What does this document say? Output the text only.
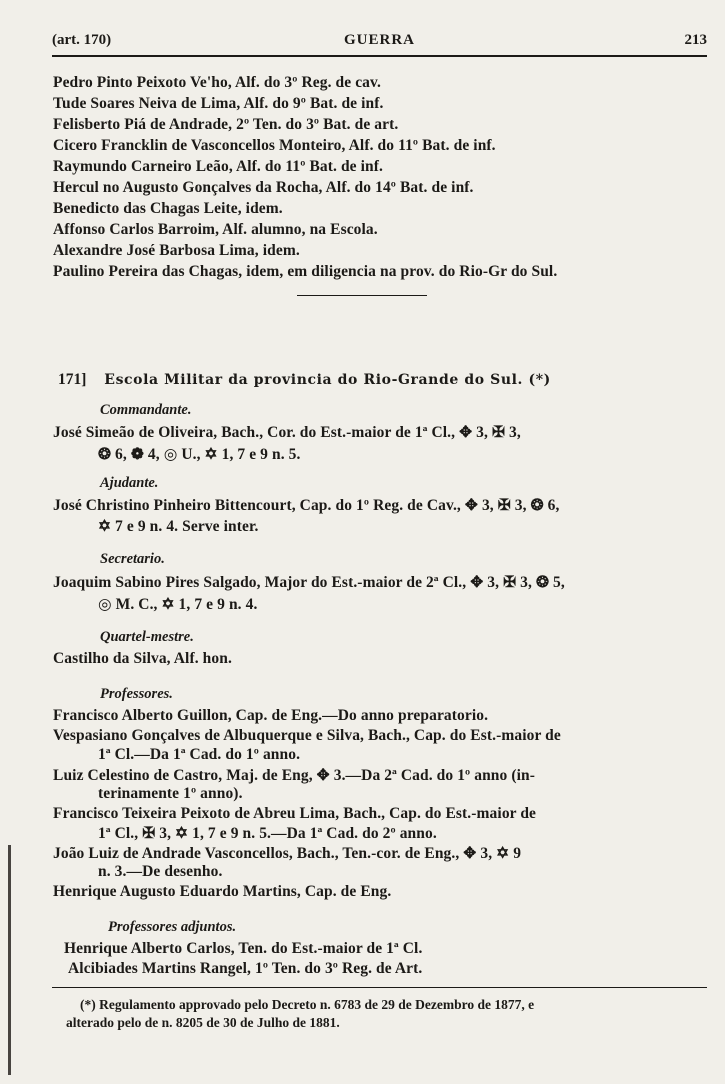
(art. 170)	GUERRA	213
Pedro Pinto Peixoto Ve'ho, Alf. do 3º Reg. de cav.
Tude Soares Neiva de Lima, Alf. do 9º Bat. de inf.
Felisberto Piá de Andrade, 2º Ten. do 3º Bat. de art.
Cicero Francklin de Vasconcellos Monteiro, Alf. do 11º Bat. de inf.
Raymundo Carneiro Leão, Alf. do 11º Bat. de inf.
Hercul no Augusto Gonçalves da Rocha, Alf. do 14º Bat. de inf.
Benedicto das Chagas Leite, idem.
Affonso Carlos Barroim, Alf. alumno, na Escola.
Alexandre José Barbosa Lima, idem.
Paulino Pereira das Chagas, idem, em diligencia na prov. do Rio-Gr do Sul.
171] Escola Militar da provincia do Rio-Grande do Sul. (*)
Commandante.
José Simeão de Oliveira, Bach., Cor. do Est.-maior de 1ª Cl., ✥ 3, ✠ 3,
❂ 6, ❁ 4, ◎ U., ✡ 1, 7 e 9 n. 5.
Ajudante.
José Christino Pinheiro Bittencourt, Cap. do 1º Reg. de Cav., ✥ 3, ✠ 3, ❂ 6,
✡ 7 e 9 n. 4. Serve inter.
Secretario.
Joaquim Sabino Pires Salgado, Major do Est.-maior de 2ª Cl., ✥ 3, ✠ 3, ❂ 5,
◎ M. C., ✡ 1, 7 e 9 n. 4.
Quartel-mestre.
Castilho da Silva, Alf. hon.
Professores.
Francisco Alberto Guillon, Cap. de Eng.—Do anno preparatorio.
Vespasiano Gonçalves de Albuquerque e Silva, Bach., Cap. do Est.-maior de
1ª Cl.—Da 1ª Cad. do 1º anno.
Luiz Celestino de Castro, Maj. de Eng, ✥ 3.—Da 2ª Cad. do 1º anno (in-
terinamente 1º anno).
Francisco Teixeira Peixoto de Abreu Lima, Bach., Cap. do Est.-maior de
1ª Cl., ✠ 3, ✡ 1, 7 e 9 n. 5.—Da 1ª Cad. do 2º anno.
João Luiz de Andrade Vasconcellos, Bach., Ten.-cor. de Eng., ✥ 3, ✡ 9
n. 3.—De desenho.
Henrique Augusto Eduardo Martins, Cap. de Eng.
Professores adjuntos.
Henrique Alberto Carlos, Ten. do Est.-maior de 1ª Cl.
Alcibiades Martins Rangel, 1º Ten. do 3º Reg. de Art.
(*) Regulamento approvado pelo Decreto n. 6783 de 29 de Dezembro de 1877, e
alterado pelo de n. 8205 de 30 de Julho de 1881.
